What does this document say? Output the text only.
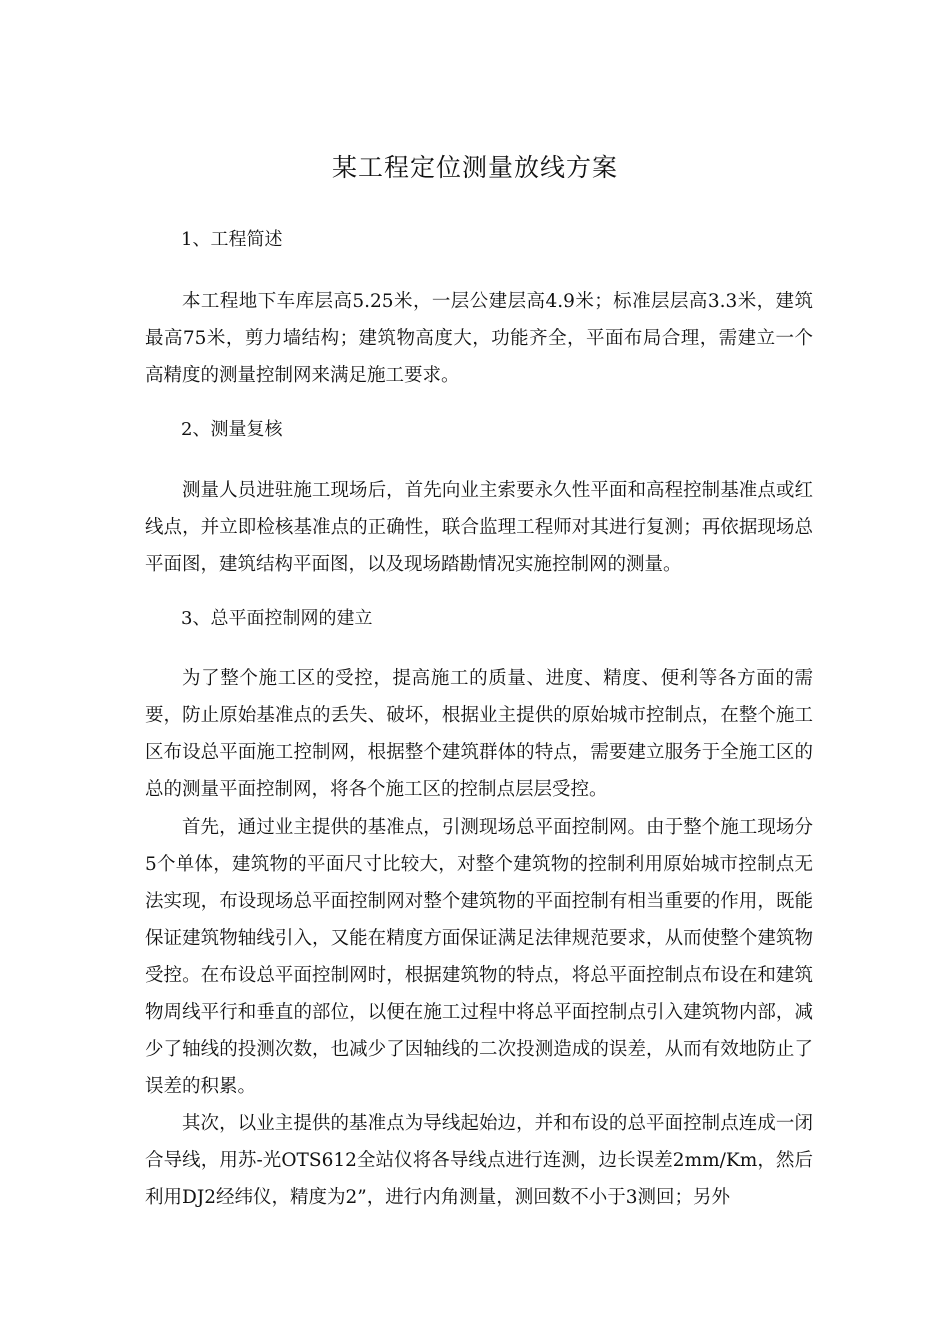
某工程定位测量放线方案
1、工程简述

本工程地下车库层高5.25米，一层公建层高4.9米；标准层层高3.3米，建筑最高75米，剪力墙结构；建筑物高度大，功能齐全，平面布局合理，需建立一个高精度的测量控制网来满足施工要求。

2、测量复核

测量人员进驻施工现场后，首先向业主索要永久性平面和高程控制基准点或红线点，并立即检核基准点的正确性，联合监理工程师对其进行复测；再依据现场总平面图，建筑结构平面图，以及现场踏勘情况实施控制网的测量。

3、总平面控制网的建立

为了整个施工区的受控，提高施工的质量、进度、精度、便利等各方面的需要，防止原始基准点的丢失、破坏，根据业主提供的原始城市控制点，在整个施工区布设总平面施工控制网，根据整个建筑群体的特点，需要建立服务于全施工区的总的测量平面控制网，将各个施工区的控制点层层受控。

首先，通过业主提供的基准点，引测现场总平面控制网。由于整个施工现场分5个单体，建筑物的平面尺寸比较大，对整个建筑物的控制利用原始城市控制点无法实现，布设现场总平面控制网对整个建筑物的平面控制有相当重要的作用，既能保证建筑物轴线引入，又能在精度方面保证满足法律规范要求，从而使整个建筑物受控。在布设总平面控制网时，根据建筑物的特点，将总平面控制点布设在和建筑物周线平行和垂直的部位，以便在施工过程中将总平面控制点引入建筑物内部，减少了轴线的投测次数，也减少了因轴线的二次投测造成的误差，从而有效地防止了误差的积累。

其次，以业主提供的基准点为导线起始边，并和布设的总平面控制点连成一闭合导线，用苏-光OTS612全站仪将各导线点进行连测，边长误差2mm/Km，然后利用DJ2经纬仪，精度为2”，进行内角测量，测回数不小于3测回；另外
